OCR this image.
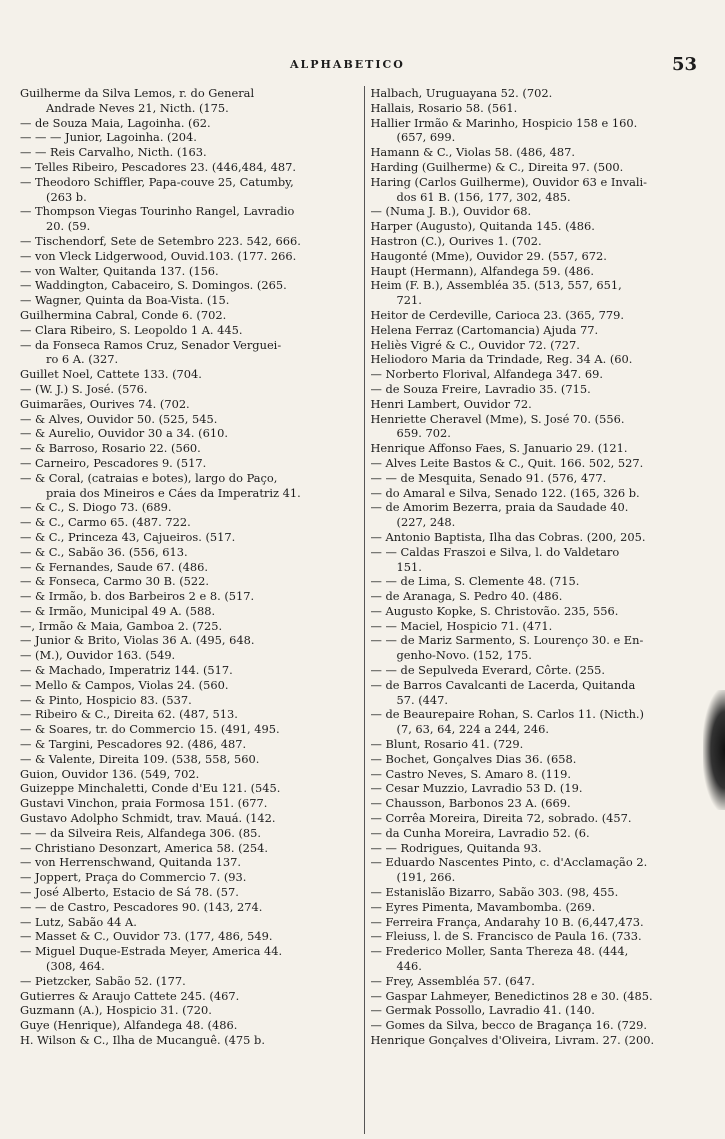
ALPHABETICO	53
Guilherme da Silva Lemos, r. do General
Andrade Neves 21, Nicth. (175.
— de Souza Maia, Lagoinha. (62.
— — — Junior, Lagoinha. (204.
— — Reis Carvalho, Nicth. (163.
— Telles Ribeiro, Pescadores 23. (446,484, 487.
— Theodoro Schiffler, Papa-couve 25, Catumby,
(263 b.
— Thompson Viegas Tourinho Rangel, Lavradio
20. (59.
— Tischendorf, Sete de Setembro 223. 542, 666.
— von Vleck Lidgerwood, Ouvid.103. (177. 266.
— von Walter, Quitanda 137. (156.
— Waddington, Cabaceiro, S. Domingos. (265.
— Wagner, Quinta da Boa-Vista. (15.
Guilhermina Cabral, Conde 6. (702.
— Clara Ribeiro, S. Leopoldo 1 A. 445.
— da Fonseca Ramos Cruz, Senador Verguei-
ro 6 A. (327.
Guillet Noel, Cattete 133. (704.
— (W. J.) S. José. (576.
Guimarães, Ourives 74. (702.
— & Alves, Ouvidor 50. (525, 545.
— & Aurelio, Ouvidor 30 a 34. (610.
— & Barroso, Rosario 22. (560.
— Carneiro, Pescadores 9. (517.
— & Coral, (catraias e botes), largo do Paço,
praia dos Mineiros e Cáes da Imperatriz 41.
— & C., S. Diogo 73. (689.
— & C., Carmo 65. (487. 722.
— & C., Princeza 43, Cajueiros. (517.
— & C., Sabão 36. (556, 613.
— & Fernandes, Saude 67. (486.
— & Fonseca, Carmo 30 B. (522.
— & Irmão, b. dos Barbeiros 2 e 8. (517.
— & Irmão, Municipal 49 A. (588.
—, Irmão & Maia, Gamboa 2. (725.
— Junior & Brito, Violas 36 A. (495, 648.
— (M.), Ouvidor 163. (549.
— & Machado, Imperatriz 144. (517.
— Mello & Campos, Violas 24. (560.
— & Pinto, Hospicio 83. (537.
— Ribeiro & C., Direita 62. (487, 513.
— & Soares, tr. do Commercio 15. (491, 495.
— & Targini, Pescadores 92. (486, 487.
— & Valente, Direita 109. (538, 558, 560.
Guion, Ouvidor 136. (549, 702.
Guizeppe Minchaletti, Conde d'Eu 121. (545.
Gustavi Vinchon, praia Formosa 151. (677.
Gustavo Adolpho Schmidt, trav. Mauá. (142.
— — da Silveira Reis, Alfandega 306. (85.
— Christiano Desonzart, America 58. (254.
— von Herrenschwand, Quitanda 137.
— Joppert, Praça do Commercio 7. (93.
— José Alberto, Estacio de Sá 78. (57.
— — de Castro, Pescadores 90. (143, 274.
— Lutz, Sabão 44 A.
— Masset & C., Ouvidor 73. (177, 486, 549.
— Miguel Duque-Estrada Meyer, America 44.
(308, 464.
— Pietzcker, Sabão 52. (177.
Gutierres & Araujo Cattete 245. (467.
Guzmann (A.), Hospicio 31. (720.
Guye (Henrique), Alfandega 48. (486.
H. Wilson & C., Ilha de Mucanguê. (475 b.
Halbach, Uruguayana 52. (702.
Hallais, Rosario 58. (561.
Hallier Irmão & Marinho, Hospicio 158 e 160.
(657, 699.
Hamann & C., Violas 58. (486, 487.
Harding (Guilherme) & C., Direita 97. (500.
Haring (Carlos Guilherme), Ouvidor 63 e Invali-
dos 61 B. (156, 177, 302, 485.
— (Numa J. B.), Ouvidor 68.
Harper (Augusto), Quitanda 145. (486.
Hastron (C.), Ourives 1. (702.
Haugonté (Mme), Ouvidor 29. (557, 672.
Haupt (Hermann), Alfandega 59. (486.
Heim (F. B.), Assembléa 35. (513, 557, 651,
721.
Heitor de Cerdeville, Carioca 23. (365, 779.
Helena Ferraz (Cartomancia) Ajuda 77.
Heliès Vigré & C., Ouvidor 72. (727.
Heliodoro Maria da Trindade, Reg. 34 A. (60.
— Norberto Florival, Alfandega 347. 69.
— de Souza Freire, Lavradio 35. (715.
Henri Lambert, Ouvidor 72.
Henriette Cheravel (Mme), S. José 70. (556.
659. 702.
Henrique Affonso Faes, S. Januario 29. (121.
— Alves Leite Bastos & C., Quit. 166. 502, 527.
— — de Mesquita, Senado 91. (576, 477.
— do Amaral e Silva, Senado 122. (165, 326 b.
— de Amorim Bezerra, praia da Saudade 40.
(227, 248.
— Antonio Baptista, Ilha das Cobras. (200, 205.
— — Caldas Fraszoi e Silva, l. do Valdetaro
151.
— — de Lima, S. Clemente 48. (715.
— de Aranaga, S. Pedro 40. (486.
— Augusto Kopke, S. Christovão. 235, 556.
— — Maciel, Hospicio 71. (471.
— — de Mariz Sarmento, S. Lourenço 30. e En-
genho-Novo. (152, 175.
— — de Sepulveda Everard, Côrte. (255.
— de Barros Cavalcanti de Lacerda, Quitanda
57. (447.
— de Beaurepaire Rohan, S. Carlos 11. (Nicth.)
(7, 63, 64, 224 a 244, 246.
— Blunt, Rosario 41. (729.
— Bochet, Gonçalves Dias 36. (658.
— Castro Neves, S. Amaro 8. (119.
— Cesar Muzzio, Lavradio 53 D. (19.
— Chausson, Barbonos 23 A. (669.
— Corrêa Moreira, Direita 72, sobrado. (457.
— da Cunha Moreira, Lavradio 52. (6.
— — Rodrigues, Quitanda 93.
— Eduardo Nascentes Pinto, c. d'Acclamação 2.
(191, 266.
— Estanislão Bizarro, Sabão 303. (98, 455.
— Eyres Pimenta, Mavambomba. (269.
— Ferreira França, Andarahy 10 B. (6,447,473.
— Fleiuss, l. de S. Francisco de Paula 16. (733.
— Frederico Moller, Santa Thereza 48. (444,
446.
— Frey, Assembléa 57. (647.
— Gaspar Lahmeyer, Benedictinos 28 e 30. (485.
— Germak Possollo, Lavradio 41. (140.
— Gomes da Silva, becco de Bragança 16. (729.
Henrique Gonçalves d'Oliveira, Livram. 27. (200.
